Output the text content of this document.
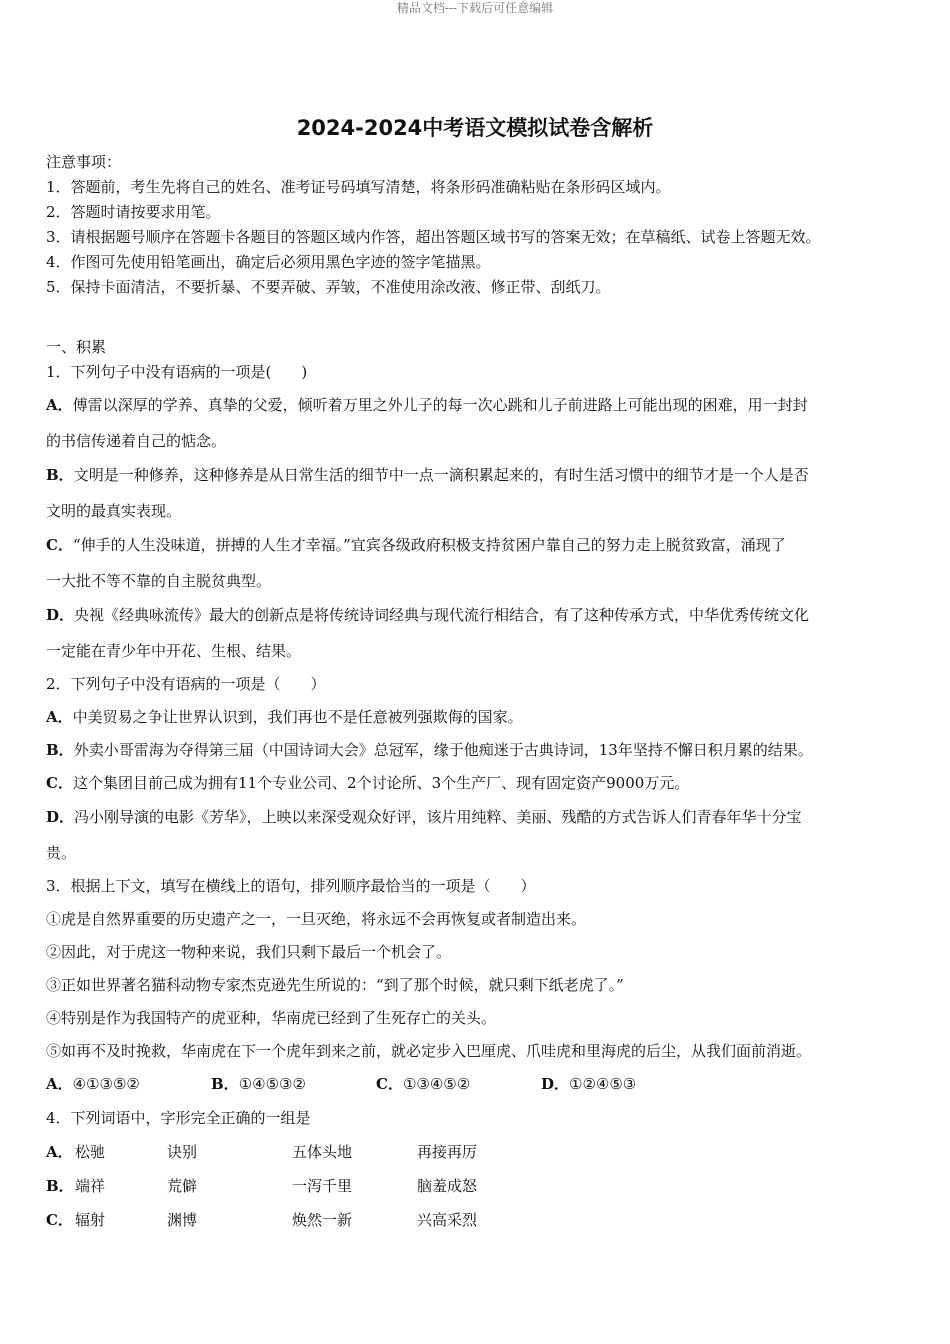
精品文档---下载后可任意编辑
2024-2024中考语文模拟试卷含解析
注意事项：
1．答题前，考生先将自己的姓名、准考证号码填写清楚，将条形码准确粘贴在条形码区域内。
2．答题时请按要求用笔。
3．请根据题号顺序在答题卡各题目的答题区域内作答，超出答题区域书写的答案无效；在草稿纸、试卷上答题无效。
4．作图可先使用铅笔画出，确定后必须用黑色字迹的签字笔描黑。
5．保持卡面清洁，不要折暴、不要弄破、弄皱，不准使用涂改液、修正带、刮纸刀。
一、积累
1．下列句子中没有语病的一项是(　　)
A．傅雷以深厚的学养、真挚的父爱，倾听着万里之外儿子的每一次心跳和儿子前进路上可能出现的困难，用一封封
的书信传递着自己的惦念。
B．文明是一种修养，这种修养是从日常生活的细节中一点一滴积累起来的，有时生活习惯中的细节才是一个人是否
文明的最真实表现。
C．“伸手的人生没味道，拼搏的人生才幸福。”宜宾各级政府积极支持贫困户靠自己的努力走上脱贫致富，涌现了
一大批不等不靠的自主脱贫典型。
D．央视《经典咏流传》最大的创新点是将传统诗词经典与现代流行相结合，有了这种传承方式，中华优秀传统文化
一定能在青少年中开花、生根、结果。
2．下列句子中没有语病的一项是（　　）
A．中美贸易之争让世界认识到，我们再也不是任意被列强欺侮的国家。
B．外卖小哥雷海为夺得第三届（中国诗词大会》总冠军，缘于他痴迷于古典诗词，13年坚持不懈日积月累的结果。
C．这个集团目前己成为拥有11个专业公司、2个讨论所、3个生产厂、现有固定资产9000万元。
D．冯小刚导演的电影《芳华》，上映以来深受观众好评，该片用纯粹、美丽、残酷的方式告诉人们青春年华十分宝
贵。
3．根据上下文，填写在横线上的语句，排列顺序最恰当的一项是（　　）
①虎是自然界重要的历史遗产之一，一旦灭绝，将永远不会再恢复或者制造出来。
②因此，对于虎这一物种来说，我们只剩下最后一个机会了。
③正如世界著名猫科动物专家杰克逊先生所说的：“到了那个时候，就只剩下纸老虎了。”
④特别是作为我国特产的虎亚种，华南虎已经到了生死存亡的关头。
⑤如再不及时挽救，华南虎在下一个虎年到来之前，就必定步入巴厘虎、爪哇虎和里海虎的后尘，从我们面前消逝。
A．④①③⑤②	B．①④⑤③②	C．①③④⑤②	D．①②④⑤③
4．下列词语中，字形完全正确的一组是
A． 松驰	诀别	五体头地	再接再厉
B．端祥	荒僻	一泻千里	脑羞成怒
C． 辐射	渊博	焕然一新	兴高采烈
